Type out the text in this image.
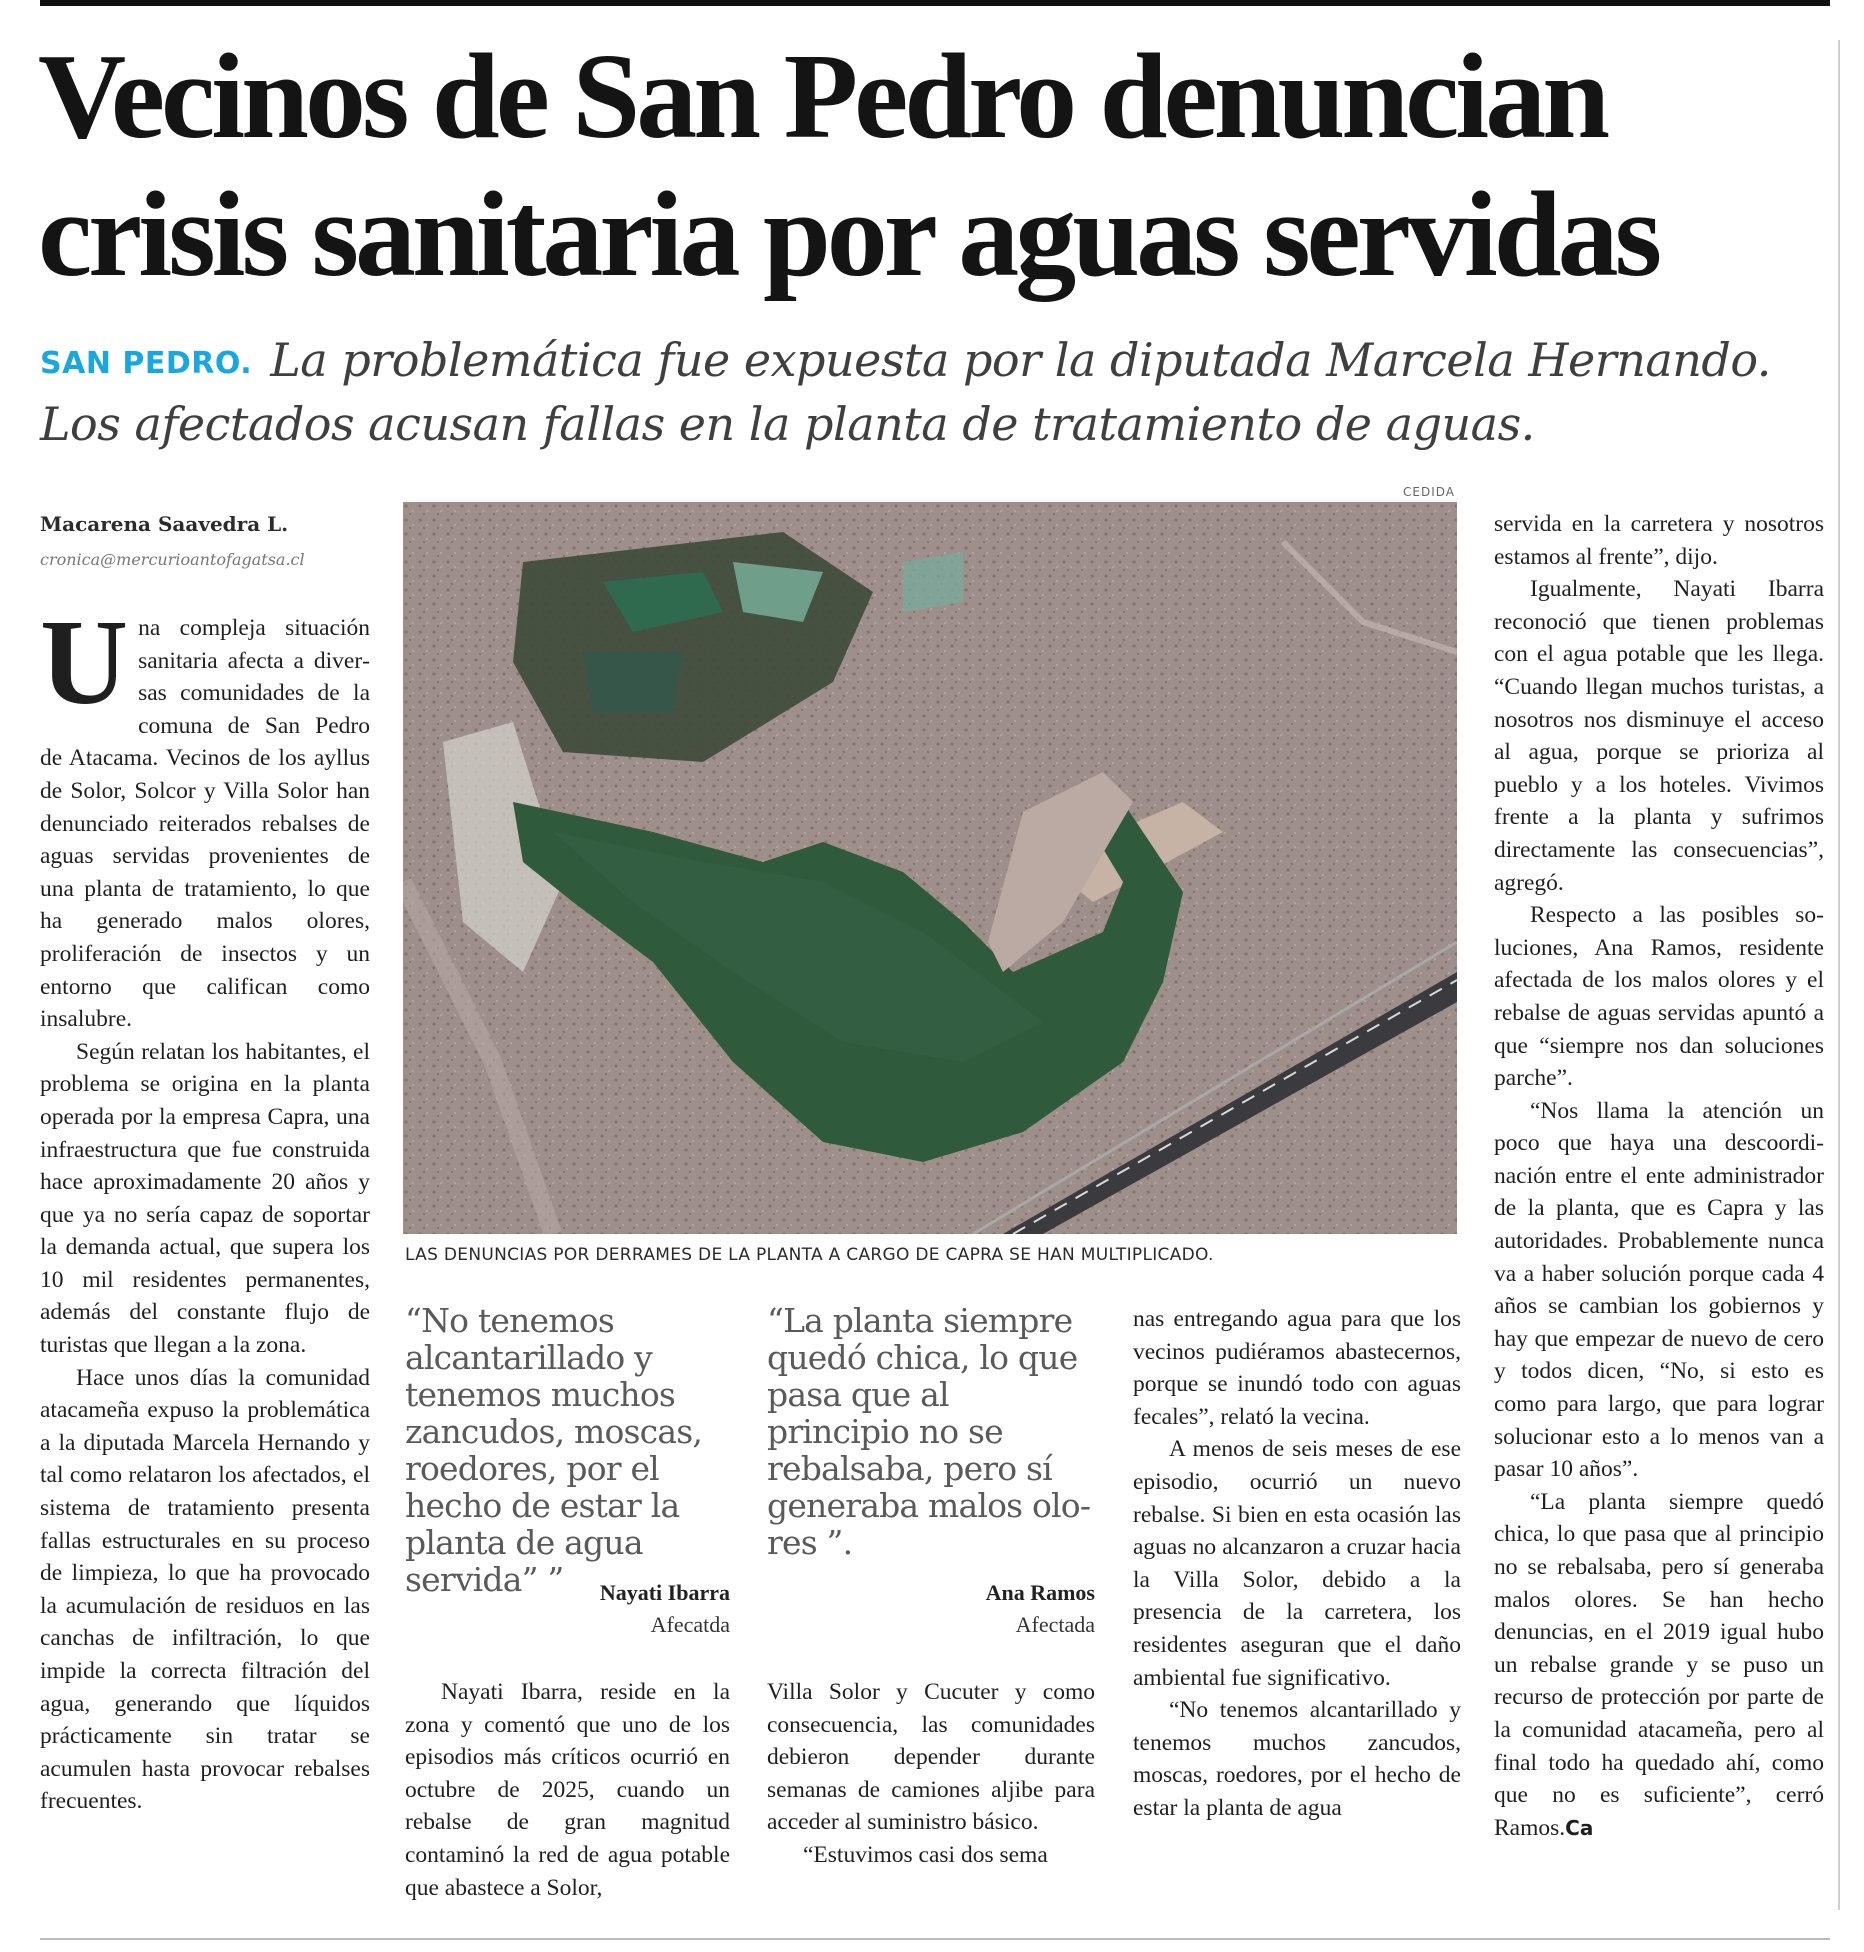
Vecinos de San Pedro denuncian
crisis sanitaria por aguas servidas
SAN PEDRO. La problemática fue expuesta por la diputada Marcela Hernando. Los afectados acusan fallas en la planta de tratamiento de aguas.
Macarena Saavedra L.
cronica@mercurioantofagatsa.cl
CEDIDA
LAS DENUNCIAS POR DERRAMES DE LA PLANTA A CARGO DE CAPRA SE HAN MULTIPLICADO.

Una compleja situación sanitaria afecta a diversas comunidades de la comuna de San Pedro de Atacama. Vecinos de los ayllus de Solor, Solcor y Villa Solor han denunciado reiterados rebalses de aguas servidas provenientes de una planta de tratamiento, lo que ha generado malos olores, proliferación de insectos y un entorno que califican como insalubre.

Según relatan los habitantes, el problema se origina en la planta operada por la empresa Capra, una infraestructura que fue construida hace aproximadamente 20 años y que ya no sería capaz de soportar la demanda actual, que supera los 10 mil residentes permanentes, además del constante flujo de turistas que llegan a la zona.

Hace unos días la comunidad atacameña expuso la problemática a la diputada Marcela Hernando y tal como relataron los afectados, el sistema de tratamiento presenta fallas estructurales en su proceso de limpieza, lo que ha provocado la acumulación de residuos en las canchas de infiltración, lo que impide la correcta filtración del agua, generando que líquidos prácticamente sin tratar se acumulen hasta provocar rebalses frecuentes.

“No tenemos alcantarillado y tenemos muchos zancudos, moscas, roedores, por el hecho de estar la planta de agua servida” ”	Nayati Ibarra
Afecatda
“La planta siempre quedó chica, lo que pasa que al principio no se rebalsaba, pero sí generaba malos olores ”.
Ana Ramos
Afectada

Nayati Ibarra, reside en la zona y comentó que uno de los episodios más críticos ocurrió en octubre de 2025, cuando un rebalse de gran magnitud contaminó la red de agua potable que abastece a Solor,

Villa Solor y Cucuter y como consecuencia, las comunidades debieron depender durante semanas de camiones aljibe para acceder al suministro básico.

“Estuvimos casi dos sema

nas entregando agua para que los vecinos pudiéramos abastecernos, porque se inundó todo con aguas fecales”, relató la vecina.

A menos de seis meses de ese episodio, ocurrió un nuevo rebalse. Si bien en esta ocasión las aguas no alcanzaron a cruzar hacia la Villa Solor, debido a la presencia de la carretera, los residentes aseguran que el daño ambiental fue significativo.

“No tenemos alcantarillado y tenemos muchos zancudos, moscas, roedores, por el hecho de estar la planta de agua

servida en la carretera y nosotros estamos al frente”, dijo.

Igualmente, Nayati Ibarra reconoció que tienen problemas con el agua potable que les llega. “Cuando llegan muchos turistas, a nosotros nos disminuye el acceso al agua, porque se prioriza al pueblo y a los hoteles. Vivimos frente a la planta y sufrimos directamente las consecuencias”, agregó.

Respecto a las posibles soluciones, Ana Ramos, residente afectada de los malos olores y el rebalse de aguas servidas apuntó a que “siempre nos dan soluciones parche”.

“Nos llama la atención un poco que haya una descoordinación entre el ente administrador de la planta, que es Capra y las autoridades. Probablemente nunca va a haber solución porque cada 4 años se cambian los gobiernos y hay que empezar de nuevo de cero y todos dicen, “No, si esto es como para largo, que para lograr solucionar esto a lo menos van a pasar 10 años”.

“La planta siempre quedó chica, lo que pasa que al principio no se rebalsaba, pero sí generaba malos olores. Se han hecho denuncias, en el 2019 igual hubo un rebalse grande y se puso un recurso de protección por parte de la comunidad atacameña, pero al final todo ha quedado ahí, como que no es suficiente”, cerró Ramos.Ca
